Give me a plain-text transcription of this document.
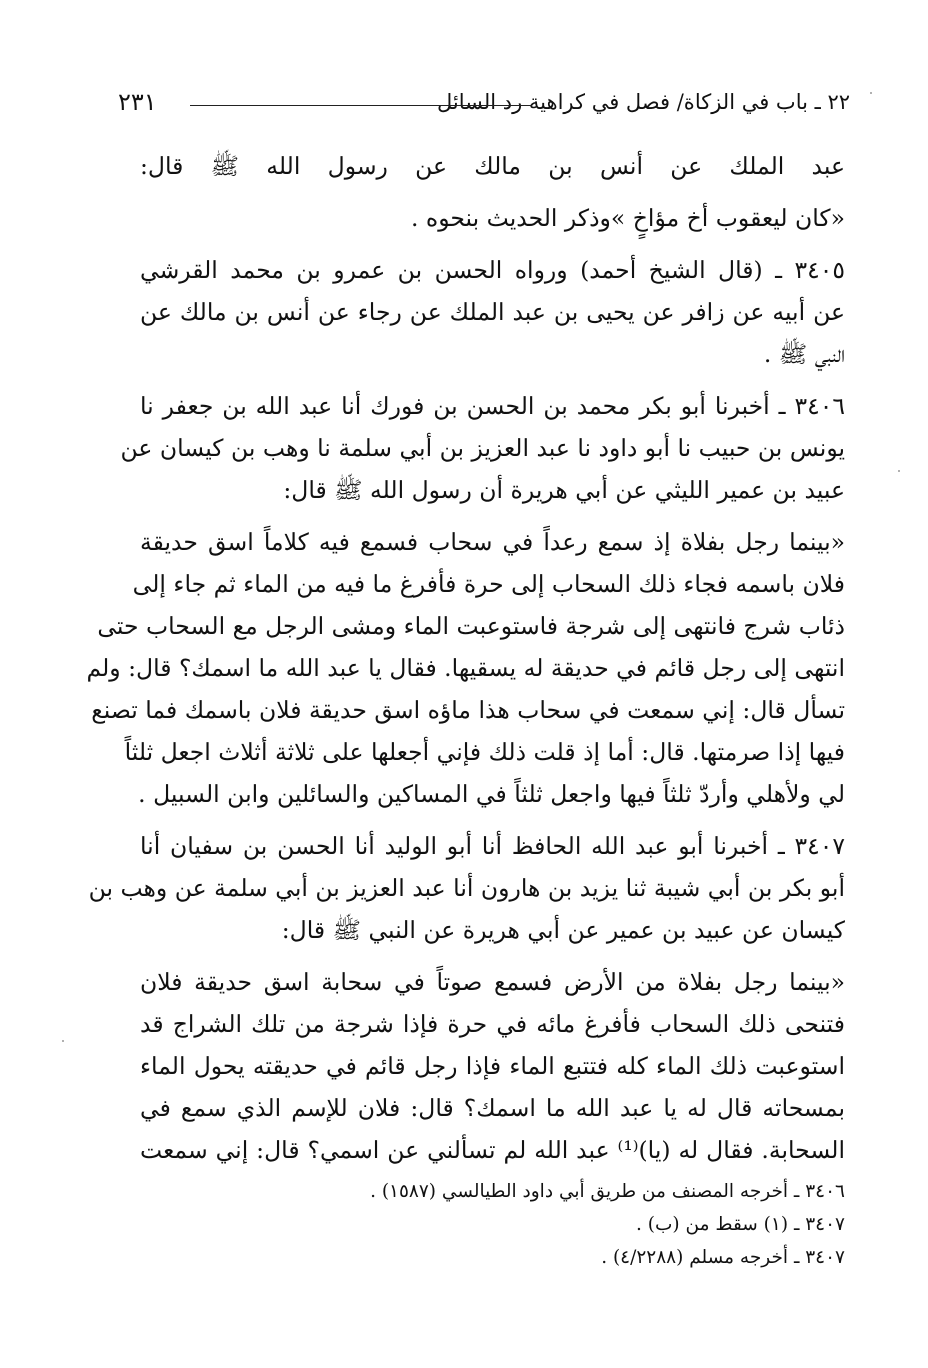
٢٢ ـ باب في الزكاة/ فصل في كراهية رد السائل
٢٣١

عبد الملك عن أنس بن مالك عن رسول الله ﷺ قال:

«كان ليعقوب أخ مؤاخٍ »وذكر الحديث بنحوه .

٣٤٠٥ ـ (قال الشيخ أحمد) ورواه الحسن بن عمرو بن محمد القرشي
عن أبيه عن زافر عن يحيى بن عبد الملك عن رجاء عن أنس بن مالك عن
النبي ﷺ .

٣٤٠٦ ـ أخبرنا أبو بكر محمد بن الحسن بن فورك أنا عبد الله بن جعفر نا
يونس بن حبيب نا أبو داود نا عبد العزيز بن أبي سلمة نا وهب بن كيسان عن
عبيد بن عمير الليثي عن أبي هريرة أن رسول الله ﷺ قال:

«بينما رجل بفلاة إذ سمع رعداً في سحاب فسمع فيه كلاماً اسق حديقة
فلان باسمه فجاء ذلك السحاب إلى حرة فأفرغ ما فيه من الماء ثم جاء إلى
ذئاب شرج فانتهى إلى شرجة فاستوعبت الماء ومشى الرجل مع السحاب حتى
انتهى إلى رجل قائم في حديقة له يسقيها. فقال يا عبد الله ما اسمك؟ قال: ولم
تسأل قال: إني سمعت في سحاب هذا ماؤه اسق حديقة فلان باسمك فما تصنع
فيها إذا صرمتها. قال: أما إذ قلت ذلك فإني أجعلها على ثلاثة أثلاث اجعل ثلثاً
لي ولأهلي وأردّ ثلثاً فيها واجعل ثلثاً في المساكين والسائلين وابن السبيل .

٣٤٠٧ ـ أخبرنا أبو عبد الله الحافظ أنا أبو الوليد أنا الحسن بن سفيان أنا
أبو بكر بن أبي شيبة ثنا يزيد بن هارون أنا عبد العزيز بن أبي سلمة عن وهب بن
كيسان عن عبيد بن عمير عن أبي هريرة عن النبي ﷺ قال:

«بينما رجل بفلاة من الأرض فسمع صوتاً في سحابة اسق حديقة فلان
فتنحى ذلك السحاب فأفرغ مائه في حرة فإذا شرجة من تلك الشراج قد
استوعبت ذلك الماء كله فتتبع الماء فإذا رجل قائم في حديقته يحول الماء
بمسحاته قال له يا عبد الله ما اسمك؟ قال: فلان للإسم الذي سمع في
السحابة. فقال له (يا)⁽¹⁾ عبد الله لم تسألني عن اسمي؟ قال: إني سمعت

٣٤٠٦ ـ أخرجه المصنف من طريق أبي داود الطيالسي (١٥٨٧) .
٣٤٠٧ ـ (١) سقط من (ب) .
٣٤٠٧ ـ أخرجه مسلم (٤/٢٢٨٨) .
